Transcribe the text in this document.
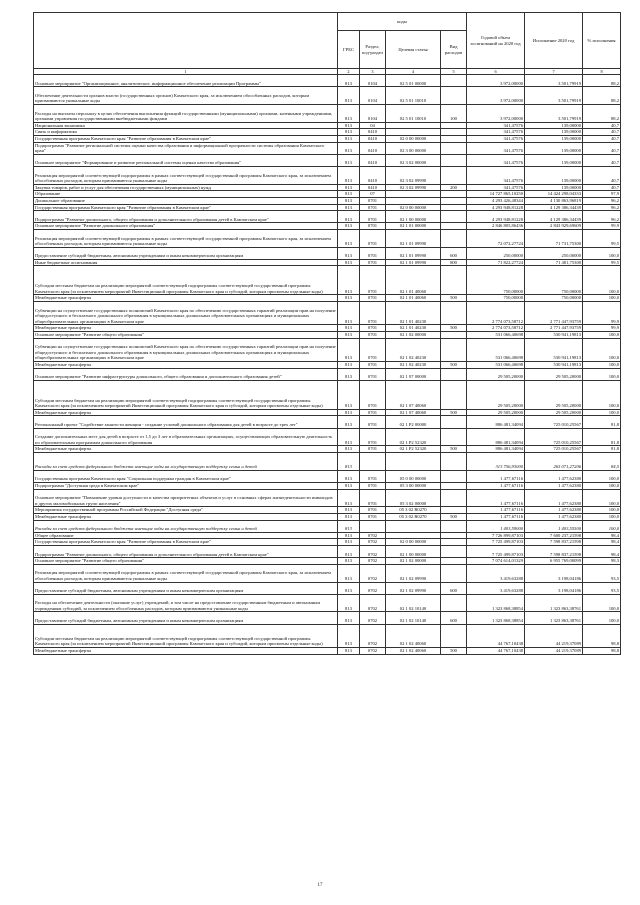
	коды				Годовой объем ассигнований на 2020 год	Исполнение 2020 год	% исполнения
	ГРБС	Раздел, под-раздел	Целевая статья	Вид расходов			
1	2	3	4	5	6	7	8
Основное мероприятие "Организационное, аналитическое, информационное обеспечение реализации Программы"	813	0104	02 5 01 00000		3 972,00000	3 501,79919	88,2
Обеспечение деятельности органов власти (государственных органов) Камчатского края, за исключением обособленных расходов, которым присваиваются уникальные коды	813	0104	02 5 01 10010		3 972,00000	3 501,79919	88,2
Расходы на выплаты персоналу в целях обеспечения выполнения функций государственными (муниципальными) органами, казенными учреждениями, органами управления государственными внебюджетными фондами	813	0104	02 5 01 10010	100	3 972,00000	3 501,79919	88,2
Национальная экономика	813	04			341,47576	139,00000	40,7
Связь и информатика	813	0410			341,47576	139,00000	40,7
Государственная программа Камчатского края "Развитие образования в Камчатском крае"	813	0410	02 0 00 00000		341,47576	139,00000	40,7
Подпрограмма "Развитие региональной системы оценки качества образования и информационной прозрачности системы образования Камчатского края"	813	0410	02 3 00 00000		341,47576	139,00000	40,7
Основное мероприятие "Формирование и развитие региональной системы оценки качества образования"	813	0410	02 3 02 00000		341,47576	139,00000	40,7
Реализация мероприятий соответствующей подпрограммы в рамках соответствующей государственной программы Камчатского края, за исключением обособленных расходов, которым присваиваются уникальные коды	813	0410	02 3 02 09990		341,47576	139,00000	40,7
Закупка товаров, работ и услуг для обеспечения государственных (муниципальных) нужд	813	0410	02 3 02 09990	200	341,47576	139,00000	40,7
Образование	813	07			14 727 865,10250	14 424 298,04333	97,9
Дошкольное образование	813	0701			4 293 426,48344	4 130 863,96819	96,2
Государственная программа Камчатского края "Развитие образования в Камчатском крае"	813	0701	02 0 00 00000		4 293 948,81228	4 129 386,34439	96,2
Подпрограмма "Развитие дошкольного, общего образования и дополнительного образования детей в Камчатском крае"	813	0701	02 1 00 00000		4 293 948,81228	4 129 386,34439	96,2
Основное мероприятие "Развитие дошкольного образования"	813	0701	02 1 01 00000		2 846 805,86436	2 843 929,69609	99,9
Реализация мероприятий соответствующей подпрограммы в рамках соответствующей государственной программы Камчатского края, за исключением обособленных расходов, которым присваиваются уникальные коды	813	0701	02 1 01 09990		72 072,27724	71 731,75300	99,5
Предоставление субсидий бюджетным, автономным учреждениям и иным некоммерческим организациям	813	0701	02 1 01 09990	600	250,00000	250,00000	100,0
Иные бюджетные ассигнования	813	0701	02 1 01 09990	800	71 822,27724	71 481,75300	99,5
Субсидии местным бюджетам на реализацию мероприятий соответствующей подпрограммы соответствующей государственной программы Камчатского края (за исключением мероприятий Инвестиционной программы Камчатского края и субсидий, которым присвоены отдельные коды)	813	0701	02 1 01 40060		750,00000	750,00000	100,0
Межбюджетные трансферты	813	0701	02 1 01 40060	500	750,00000	750,00000	100,0
Субвенции на осуществление государственных полномочий Камчатского края по обеспечению государственных гарантий реализации прав на получение общедоступного и бесплатного дошкольного образования в муниципальных дошкольных образовательных организациях и муниципальных общеобразовательных организациях в Камчатском крае	813	0701	02 1 01 40230		2 774 073,58712	2 771 447,93759	99,9
Межбюджетные трансферты	813	0701	02 1 01 40230	500	2 774 073,58712	2 771 447,93759	99,9
Основное мероприятие "Развитие общего образования"	813	0701	02 1 02 00000		531 066,40698	530 941,19813	100,0
Субвенции на осуществление государственных полномочий Камчатского края по обеспечению государственных гарантий реализации прав на получение общедоступного и бесплатного дошкольного образования в муниципальных дошкольных образовательных организациях и муниципальных общеобразовательных организациях в Камчатском крае	813	0701	02 1 02 40230		531 066,40698	530 941,19813	100,0
Межбюджетные трансферты	813	0701	02 1 02 40230	500	531 066,40698	530 941,19813	100,0
Основное мероприятие "Развитие инфраструктуры дошкольного, общего образования и дополнительного образования детей"	813	0701	02 1 07 00000		29 505,20000	29 505,20000	100,0
Субсидии местным бюджетам на реализацию мероприятий соответствующей подпрограммы соответствующей государственной программы Камчатского края (за исключением мероприятий Инвестиционной программы Камчатского края и субсидий, которым присвоены отдельные коды)	813	0701	02 1 07 40060		29 505,20000	29 505,20000	100,0
Межбюджетные трансферты	813	0701	02 1 07 40060	500	29 505,20000	29 505,20000	100,0
Региональный проект "Содействие занятости женщин - создание условий дошкольного образования для детей в возрасте до трех лет"	813	0701	02 1 P2 00000		886 481,34094	725 010,25567	81,8
Создание дополнительных мест для детей в возрасте от 1,5 до 3 лет в образовательных организациях, осуществляющих образовательную деятельность по образовательным программам дошкольного образования	813	0701	02 1 P2 52320		886 481,34094	725 010,25567	81,8
Межбюджетные трансферты	813	0701	02 1 P2 52320	500	886 481,34094	725 010,25567	81,8
Расходы за счет средств федерального бюджета имеющие ходы на государственную поддержку семьи и детей	813				313 756,93000	265 071,27206	84,5
Государственная программа Камчатского края "Социальная поддержка граждан в Камчатском крае"	813	0701	05 0 00 00000		1 477,67116	1 477,62380	100,0
Подпрограмма "Доступная среда в Камчатском крае"	813	0701	05 3 00 00000		1 477,67116	1 477,62380	100,0
Основное мероприятие "Повышение уровня доступности и качества приоритетных объектов и услуг в основных сферах жизнедеятельности инвалидов и других маломобильных групп населения"	813	0701	05 3 02 00000		1 477,67116	1 477,62380	100,0
Мероприятия государственной программы Российской Федерации "Доступная среда"	813	0701	05 3 02 R0270		1 477,67116	1 477,62380	100,0
Межбюджетные трансферты	813	0701	05 3 02 R0270	500	1 477,67116	1 477,62380	100,0
Расходы за счет средств федерального бюджета имеющие ходы на государственную поддержку семьи и детей	813				1 403,59000	1 403,55500	100,0
Общее образование	813	0702			7 726 899,87103	7 600 237,21598	98,4
Государственная программа Камчатского края "Развитие образования в Камчатском крае"	813	0702	02 0 00 00000		7 725 499,87103	7 598 837,21598	98,4
Подпрограмма "Развитие дошкольного, общего образования и дополнительного образования детей в Камчатском крае"	813	0702	02 1 00 00000		7 725 499,87103	7 598 837,21598	98,4
Основное мероприятие "Развитие общего образования"	813	0702	02 1 02 00000		7 074 614,01329	6 955 769,00099	98,3
Реализация мероприятий соответствующей подпрограммы в рамках соответствующей государственной программы Камчатского края, за исключением обособленных расходов, которым присваиваются уникальные коды	813	0702	02 1 02 09990		3 419,63288	3 198,04186	93,5
Предоставление субсидий бюджетным, автономным учреждениям и иным некоммерческим организациям	813	0702	02 1 02 09990	600	3 419,63288	3 198,04186	93,5
Расходы на обеспечение деятельности (оказание услуг) учреждений, в том числе на предоставление государственным бюджетным и автономным учреждениям субсидий, за исключением обособленных расходов, которым присваиваются уникальные коды	813	0702	02 1 02 10140		1 323 868,38854	1 323 863,38761	100,0
Предоставление субсидий бюджетным, автономным учреждениям и иным некоммерческим организациям	813	0702	02 1 02 10140	600	1 323 868,38854	1 323 863,38761	100,0
Субсидии местным бюджетам на реализацию мероприятий соответствующей подпрограммы соответствующей государственной программы Камчатского края (за исключением мероприятий Инвестиционной программы Камчатского края и субсидий, которым присвоены отдельные коды)	813	0702	02 1 02 40060		44 767,10438	44 219,37089	98,8
Межбюджетные трансферты	813	0702	02 1 02 40060	500	44 767,10438	44 219,37089	98,8
17
